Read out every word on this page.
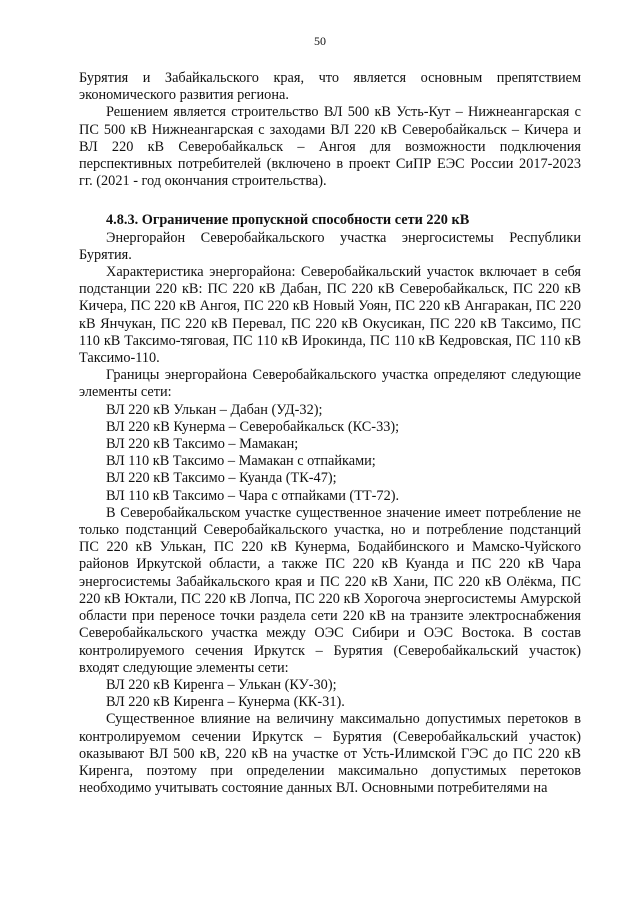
50

Бурятия и Забайкальского края, что является основным препятствием экономического развития региона.

Решением является строительство ВЛ 500 кВ Усть-Кут – Нижнеангарская с ПС 500 кВ Нижнеангарская с заходами ВЛ 220 кВ Северобайкальск – Кичера и ВЛ 220 кВ Северобайкальск – Ангоя для возможности подключения перспективных потребителей (включено в проект СиПР ЕЭС России 2017-2023 гг. (2021 - год окончания строительства).

4.8.3. Ограничение пропускной способности сети 220 кВ

Энергорайон Северобайкальского участка энергосистемы Республики Бурятия.

Характеристика энергорайона: Северобайкальский участок включает в себя подстанции 220 кВ: ПС 220 кВ Дабан, ПС 220 кВ Северобайкальск, ПС 220 кВ Кичера, ПС 220 кВ Ангоя, ПС 220 кВ Новый Уоян, ПС 220 кВ Ангаракан, ПС 220 кВ Янчукан, ПС 220 кВ Перевал, ПС 220 кВ Окусикан, ПС 220 кВ Таксимо, ПС 110 кВ Таксимо-тяговая, ПС 110 кВ Ирокинда, ПС 110 кВ Кедровская, ПС 110 кВ Таксимо-110.

Границы энергорайона Северобайкальского участка определяют следующие элементы сети:

ВЛ 220 кВ Улькан – Дабан (УД-32);

ВЛ 220 кВ Кунерма – Северобайкальск (КС-33);

ВЛ 220 кВ Таксимо – Мамакан;

ВЛ 110 кВ Таксимо – Мамакан с отпайками;

ВЛ 220 кВ Таксимо – Куанда (ТК-47);

ВЛ 110 кВ Таксимо – Чара с отпайками (ТТ-72).

В Северобайкальском участке существенное значение имеет потребление не только подстанций Северобайкальского участка, но и потребление подстанций ПС 220 кВ Улькан, ПС 220 кВ Кунерма, Бодайбинского и Мамско-Чуйского районов Иркутской области, а также ПС 220 кВ Куанда и ПС 220 кВ Чара энергосистемы Забайкальского края и ПС 220 кВ Хани, ПС 220 кВ Олёкма, ПС 220 кВ Юктали, ПС 220 кВ Лопча, ПС 220 кВ Хорогоча энергосистемы Амурской области при переносе точки раздела сети 220 кВ на транзите электроснабжения Северобайкальского участка между ОЭС Сибири и ОЭС Востока. В состав контролируемого сечения Иркутск – Бурятия (Северобайкальский участок) входят следующие элементы сети:

ВЛ 220 кВ Киренга – Улькан (КУ-30);

ВЛ 220 кВ Киренга – Кунерма (КК-31).

Существенное влияние на величину максимально допустимых перетоков в контролируемом сечении Иркутск – Бурятия (Северобайкальский участок) оказывают ВЛ 500 кВ, 220 кВ на участке от Усть-Илимской ГЭС до ПС 220 кВ Киренга, поэтому при определении максимально допустимых перетоков необходимо учитывать состояние данных ВЛ. Основными потребителями на
